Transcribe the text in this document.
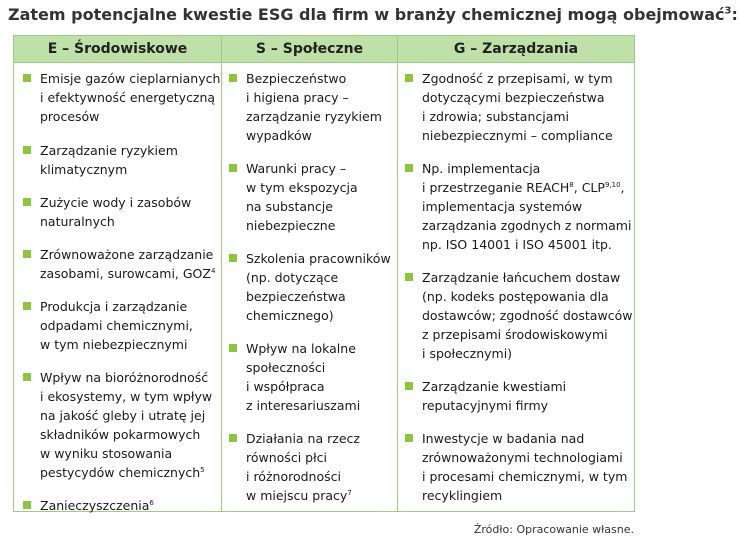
Zatem potencjalne kwestie ESG dla firm w branży chemicznej mogą obejmować$^3$:
E – Środowiskowe	S – Społeczne	G – Zarządzania
Emisje gazów cieplarnianych
i efektywność energetyczną
procesów
Zarządzanie ryzykiem
klimatycznym
Zużycie wody i zasobów
naturalnych
Zrównoważone zarządzanie
zasobami, surowcami, GOZ$^4$
Produkcja i zarządzanie
odpadami chemicznymi,
w tym niebezpiecznymi
Wpływ na bioróżnorodność
i ekosystemy, w tym wpływ
na jakość gleby i utratę jej
składników pokarmowych
w wyniku stosowania
pestycydów chemicznych$^5$
Zanieczyszczenia$^6$
Bezpieczeństwo
i higiena pracy –
zarządzanie ryzykiem
wypadków
Warunki pracy –
w tym ekspozycja
na substancje
niebezpieczne
Szkolenia pracowników
(np. dotyczące
bezpieczeństwa
chemicznego)
Wpływ na lokalne
społeczności
i współpraca
z interesariuszami
Działania na rzecz
równości płci
i różnorodności
w miejscu pracy$^7$
Zgodność z przepisami, w tym
dotyczącymi bezpieczeństwa
i zdrowia; substancjami
niebezpiecznymi – compliance
Np. implementacja
i przestrzeganie REACH$^8$, CLP$^{9,10}$,
implementacja systemów
zarządzania zgodnych z normami
np. ISO 14001 i ISO 45001 itp.
Zarządzanie łańcuchem dostaw
(np. kodeks postępowania dla
dostawców; zgodność dostawców
z przepisami środowiskowymi
i społecznymi)
Zarządzanie kwestiami
reputacyjnymi firmy
Inwestycje w badania nad
zrównoważonymi technologiami
i procesami chemicznymi, w tym
recyklingiem
Źródło: Opracowanie własne.
